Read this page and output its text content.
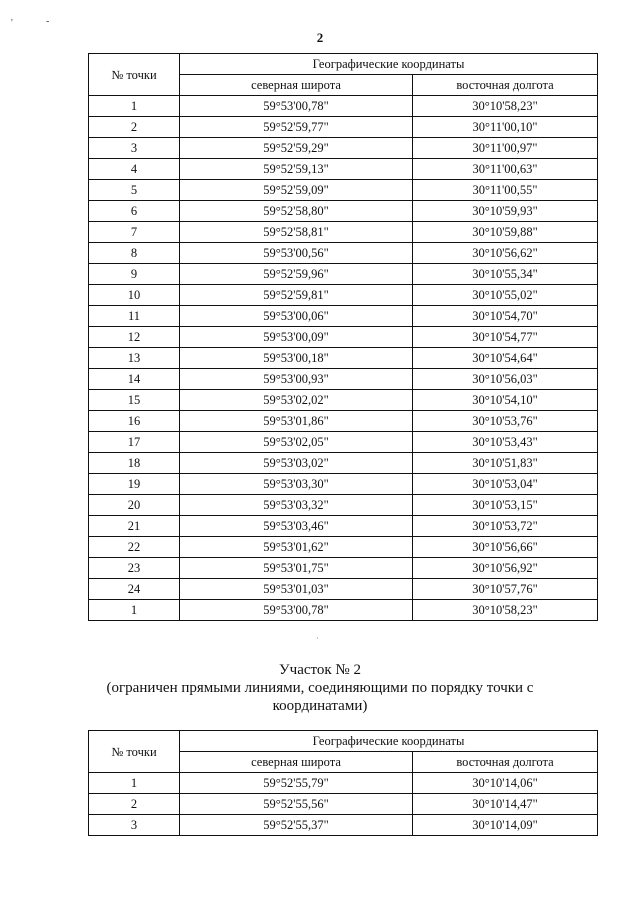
'	-
2
№ точки	Географические координаты	
	северная широта	восточная долгота
1	59°53'00,78"	30°10'58,23"
2	59°52'59,77"	30°11'00,10"
3	59°52'59,29"	30°11'00,97"
4	59°52'59,13"	30°11'00,63"
5	59°52'59,09"	30°11'00,55"
6	59°52'58,80"	30°10'59,93"
7	59°52'58,81"	30°10'59,88"
8	59°53'00,56"	30°10'56,62"
9	59°52'59,96"	30°10'55,34"
10	59°52'59,81"	30°10'55,02"
11	59°53'00,06"	30°10'54,70"
12	59°53'00,09"	30°10'54,77"
13	59°53'00,18"	30°10'54,64"
14	59°53'00,93"	30°10'56,03"
15	59°53'02,02"	30°10'54,10"
16	59°53'01,86"	30°10'53,76"
17	59°53'02,05"	30°10'53,43"
18	59°53'03,02"	30°10'51,83"
19	59°53'03,30"	30°10'53,04"
20	59°53'03,32"	30°10'53,15"
21	59°53'03,46"	30°10'53,72"
22	59°53'01,62"	30°10'56,66"
23	59°53'01,75"	30°10'56,92"
24	59°53'01,03"	30°10'57,76"
1	59°53'00,78"	30°10'58,23"
·
Участок № 2
(ограничен прямыми линиями, соединяющими по порядку точки с координатами)
№ точки	Географические координаты	
	северная широта	восточная долгота
1	59°52'55,79"	30°10'14,06"
2	59°52'55,56"	30°10'14,47"
3	59°52'55,37"	30°10'14,09"
